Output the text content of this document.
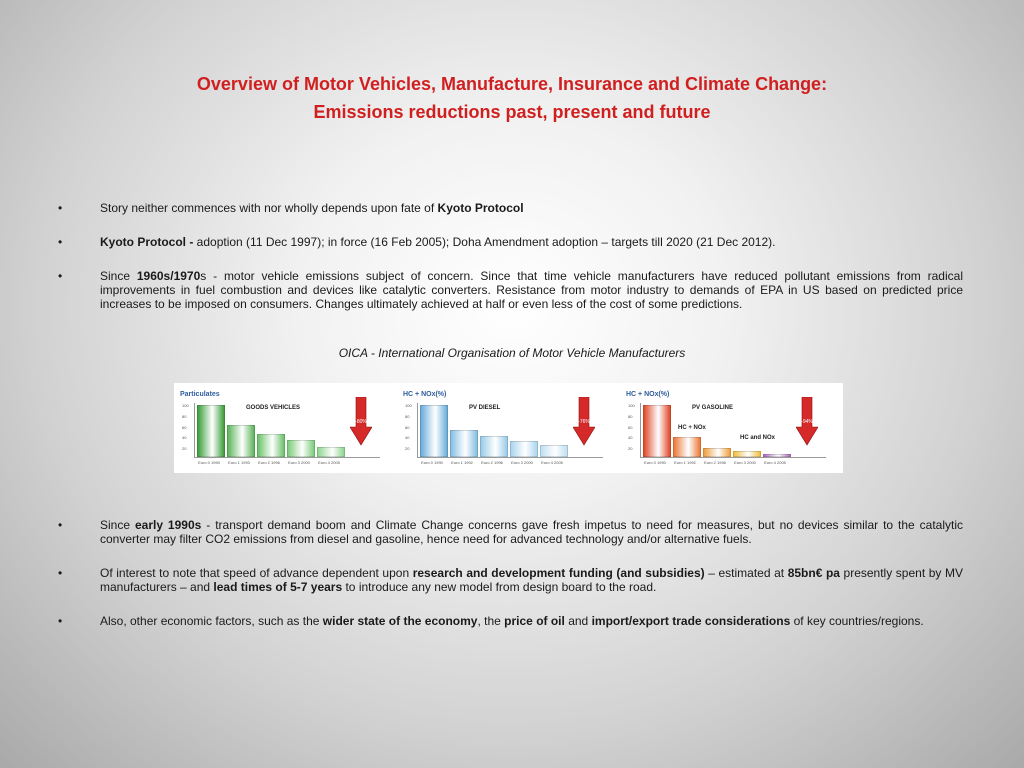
Overview of Motor Vehicles, Manufacture, Insurance and Climate Change:
Emissions reductions past, present and future

•	Story neither commences with nor wholly depends upon fate of Kyoto Protocol

•	Kyoto Protocol - adoption (11 Dec 1997); in force (16 Feb 2005); Doha Amendment adoption – targets till 2020 (21 Dec 2012).

•	Since 1960s/1970s - motor vehicle emissions subject of concern. Since that time vehicle manufacturers have reduced pollutant emissions from radical improvements in fuel combustion and devices like catalytic converters. Resistance from motor industry to demands of EPA in US based on predicted price increases to be imposed on consumers. Changes ultimately achieved at half or even less of the cost of some predictions.

OICA - International Organisation of Motor Vehicle Manufacturers
Particulates
GOODS VEHICLES
100
80
60
40
20
Euro 0 1990	Euro 1 1993	Euro 2 1996	Euro 3 2000	Euro 4 2005
-80%
HC + NOx(%)
PV DIESEL
100
80
60
40
20
Euro 0 1990	Euro 1 1992	Euro 2 1996	Euro 3 2000	Euro 4 2005
-76%
HC + NOx(%)
PV GASOLINE
HC + NOx
HC and NOx
100
80
60
40
20
Euro 0 1990	Euro 1 1992	Euro 2 1996	Euro 3 2000	Euro 4 2005
-94%

•	Since early 1990s - transport demand boom and Climate Change concerns gave fresh impetus to need for measures, but no devices similar to the catalytic converter may filter CO2 emissions from diesel and gasoline, hence need for advanced technology and/or alternative fuels.

•	Of interest to note that speed of advance dependent upon research and development funding (and subsidies) – estimated at 85bn€ pa presently spent by MV manufacturers – and lead times of 5-7 years to introduce any new model from design board to the road.

•	Also, other economic factors, such as the wider state of the economy, the price of oil and import/export trade considerations of key countries/regions.
